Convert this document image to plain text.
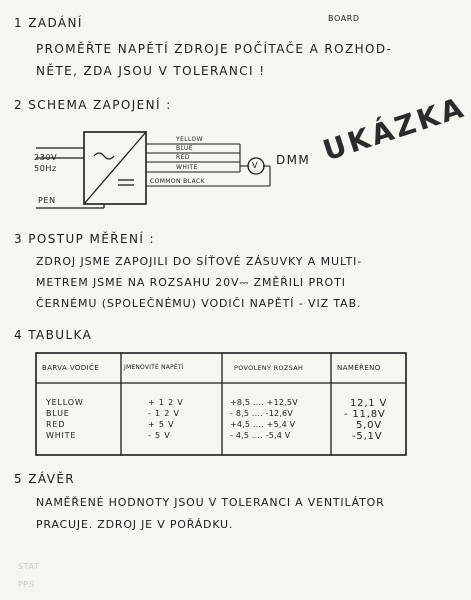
BOARD
1 ZADÁNÍ
PROMĚŘTE NAPĚTÍ ZDROJE POČÍTAČE A ROZHOD-
NĚTE, ZDA JSOU V TOLERANCI !
2 SCHEMA ZAPOJENÍ :
230V
50Hz
PEN
YELLOW
BLUE
RED
WHITE
COMMON BLACK
V DMM UKÁZKA
3 POSTUP MĚŘENÍ :
ZDROJ JSME ZAPOJILI DO SÍŤOVÉ ZÁSUVKY A MULTI-
METREM JSME NA ROZSAHU 20V⎓ ZMĚŘILI PROTI
ČERNÉMU (SPOLEČNÉMU) VODIČI NAPĚTÍ - VIZ TAB.
4 TABULKA
BARVA VODIČE	JMENOVITÉ NAPĚTÍ	POVOLENÝ ROZSAH	NAMĚŘENO
YELLOW	+ 1 2 V	+8,5 .... +12,5V	12,1 V
BLUE	- 1 2 V	- 8,5 .... -12,6V	- 11,8V
RED	+ 5 V	+4,5 .... +5,4 V	5,0V
WHITE	- 5 V	- 4,5 .... -5,4 V	-5,1V
5 ZÁVĚR
NAMĚŘENÉ HODNOTY JSOU V TOLERANCI A VENTILÁTOR
PRACUJE. ZDROJ JE V POŘÁDKU.
STAT
PPS
